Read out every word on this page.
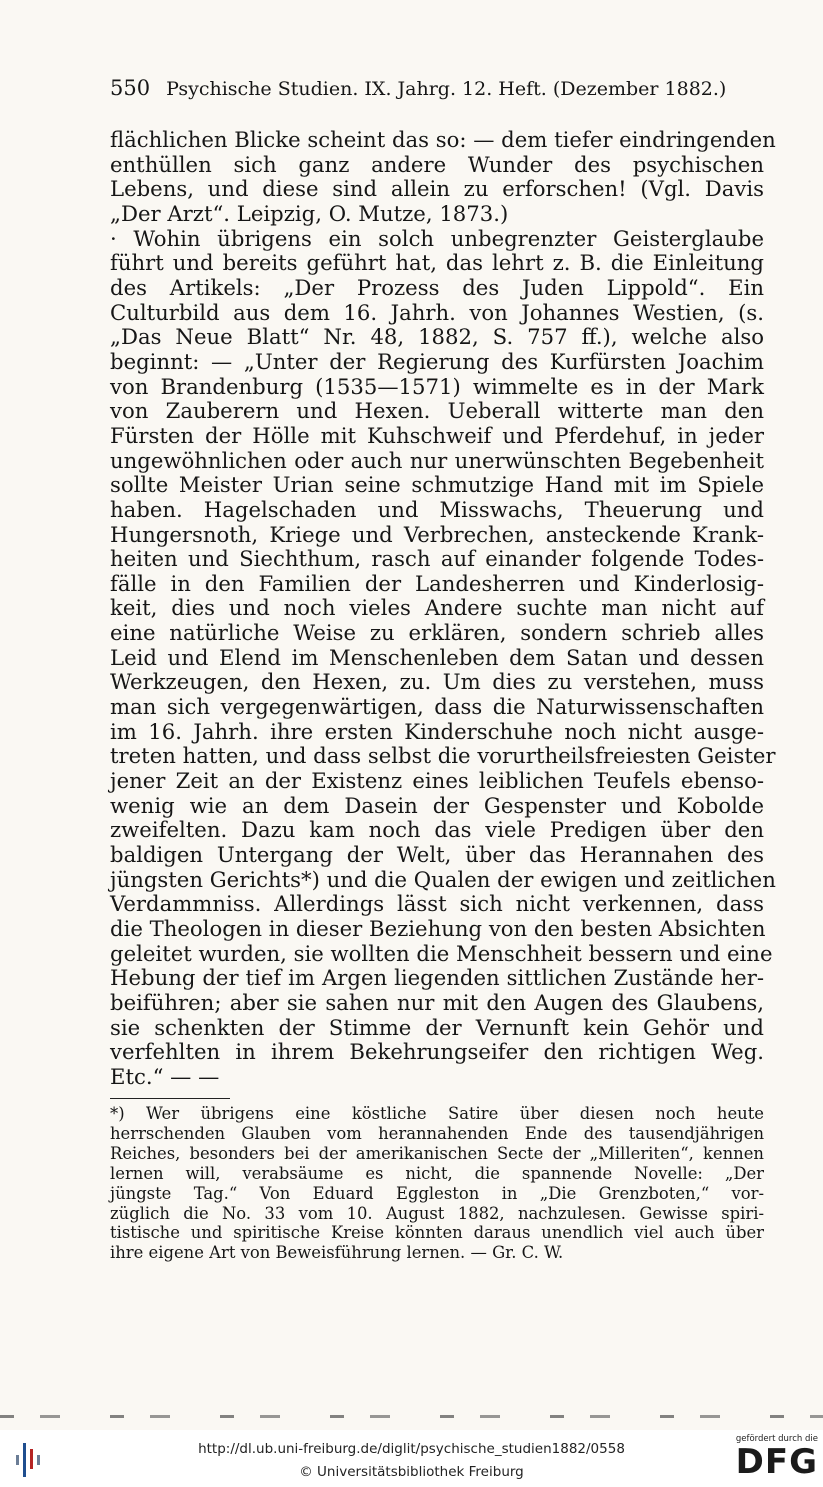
550 Psychische Studien. IX. Jahrg. 12. Heft. (Dezember 1882.)
flächlichen Blicke scheint das so: — dem tiefer eindringenden
enthüllen sich ganz andere Wunder des psychischen
Lebens, und diese sind allein zu erforschen! (Vgl. Davis
„Der Arzt“. Leipzig, O. Mutze, 1873.)
· Wohin übrigens ein solch unbegrenzter Geisterglaube
führt und bereits geführt hat, das lehrt z. B. die Einleitung
des Artikels: „Der Prozess des Juden Lippold“. Ein
Culturbild aus dem 16. Jahrh. von Johannes Westien, (s.
„Das Neue Blatt“ Nr. 48, 1882, S. 757 ff.), welche also
beginnt: — „Unter der Regierung des Kurfürsten Joachim
von Brandenburg (1535—1571) wimmelte es in der Mark
von Zauberern und Hexen. Ueberall witterte man den
Fürsten der Hölle mit Kuhschweif und Pferdehuf, in jeder
ungewöhnlichen oder auch nur unerwünschten Begebenheit
sollte Meister Urian seine schmutzige Hand mit im Spiele
haben. Hagelschaden und Misswachs, Theuerung und
Hungersnoth, Kriege und Verbrechen, ansteckende Krank-
heiten und Siechthum, rasch auf einander folgende Todes-
fälle in den Familien der Landesherren und Kinderlosig-
keit, dies und noch vieles Andere suchte man nicht auf
eine natürliche Weise zu erklären, sondern schrieb alles
Leid und Elend im Menschenleben dem Satan und dessen
Werkzeugen, den Hexen, zu. Um dies zu verstehen, muss
man sich vergegenwärtigen, dass die Naturwissenschaften
im 16. Jahrh. ihre ersten Kinderschuhe noch nicht ausge-
treten hatten, und dass selbst die vorurtheilsfreiesten Geister
jener Zeit an der Existenz eines leiblichen Teufels ebenso-
wenig wie an dem Dasein der Gespenster und Kobolde
zweifelten. Dazu kam noch das viele Predigen über den
baldigen Untergang der Welt, über das Herannahen des
jüngsten Gerichts*) und die Qualen der ewigen und zeitlichen
Verdammniss. Allerdings lässt sich nicht verkennen, dass
die Theologen in dieser Beziehung von den besten Absichten
geleitet wurden, sie wollten die Menschheit bessern und eine
Hebung der tief im Argen liegenden sittlichen Zustände her-
beiführen; aber sie sahen nur mit den Augen des Glaubens,
sie schenkten der Stimme der Vernunft kein Gehör und
verfehlten in ihrem Bekehrungseifer den richtigen Weg.
Etc.“ — —
*) Wer übrigens eine köstliche Satire über diesen noch heute
herrschenden Glauben vom herannahenden Ende des tausendjährigen
Reiches, besonders bei der amerikanischen Secte der „Milleriten“, kennen
lernen will, verabsäume es nicht, die spannende Novelle: „Der
jüngste Tag.“ Von Eduard Eggleston in „Die Grenzboten,“ vor-
züglich die No. 33 vom 10. August 1882, nachzulesen. Gewisse spiri-
tistische und spiritische Kreise könnten daraus unendlich viel auch über
ihre eigene Art von Beweisführung lernen. — Gr. C. W.
http://dl.ub.uni-freiburg.de/diglit/psychische_studien1882/0558
© Universitätsbibliothek Freiburg
gefördert durch die
DFG
